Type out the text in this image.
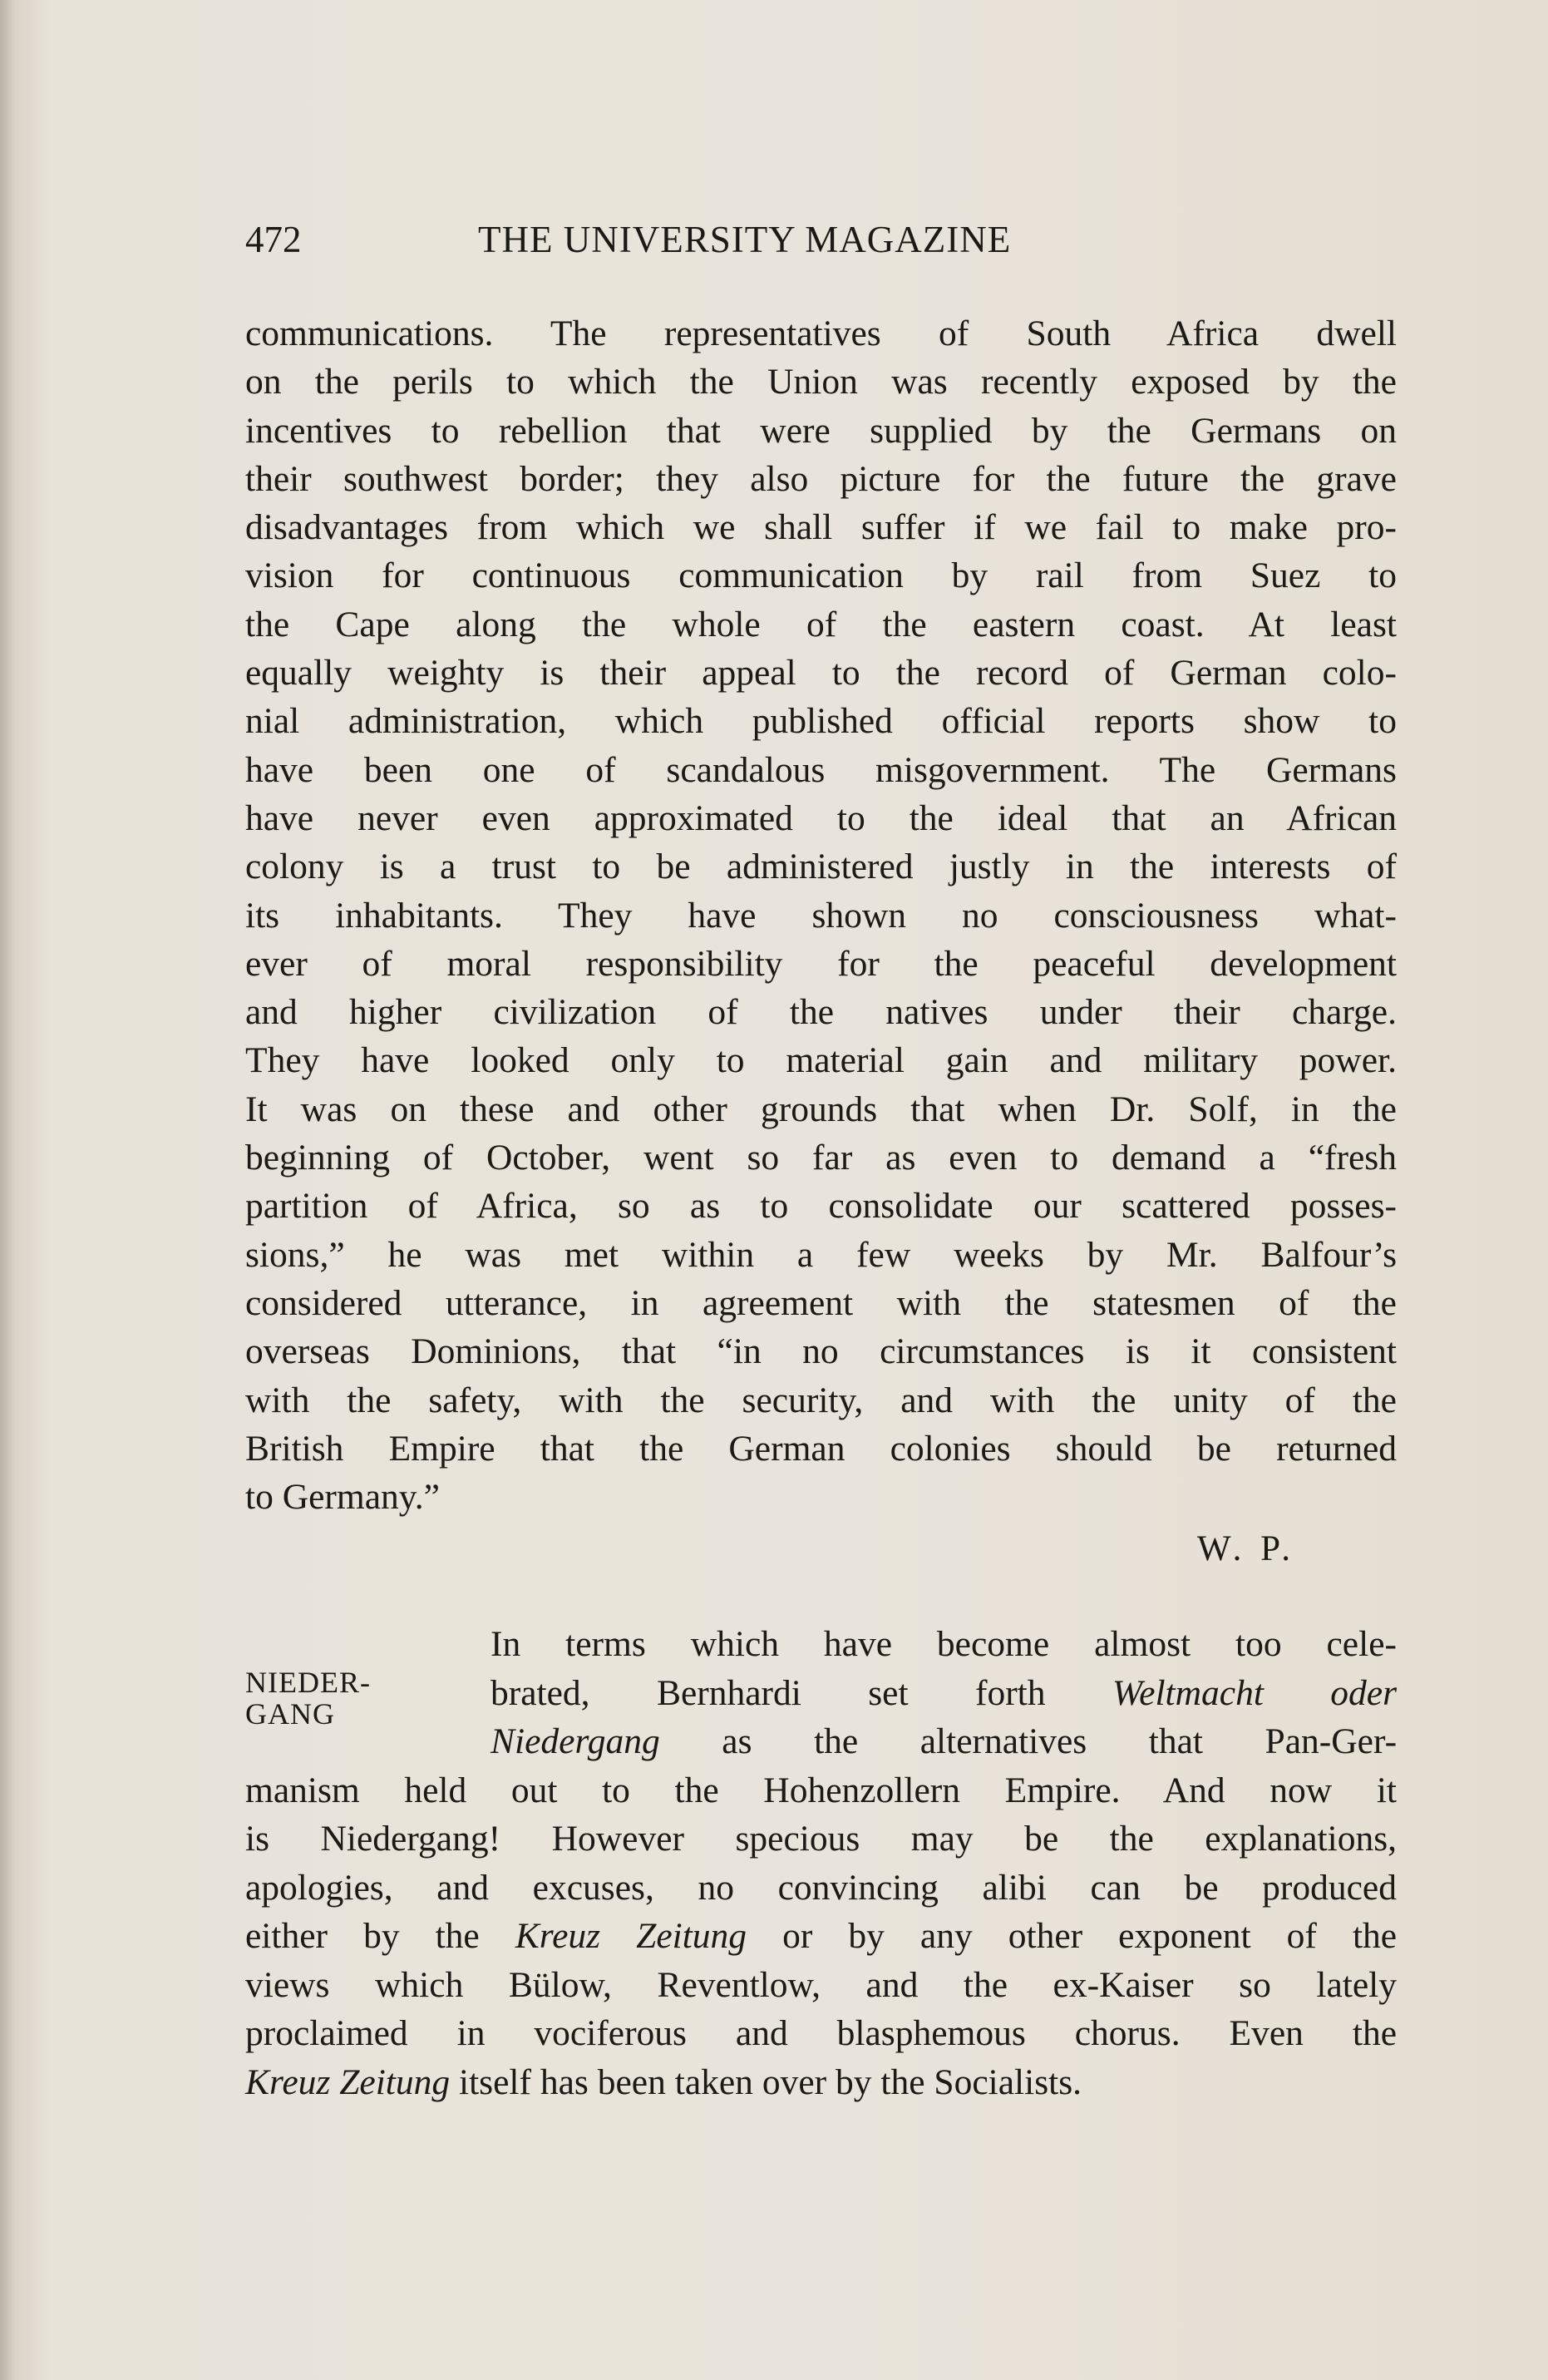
472	THE UNIVERSITY MAGAZINE
communications. The representatives of South Africa dwell
on the perils to which the Union was recently exposed by the
incentives to rebellion that were supplied by the Germans on
their southwest border; they also picture for the future the grave
disadvantages from which we shall suffer if we fail to make pro-
vision for continuous communication by rail from Suez to
the Cape along the whole of the eastern coast. At least
equally weighty is their appeal to the record of German colo-
nial administration, which published official reports show to
have been one of scandalous misgovernment. The Germans
have never even approximated to the ideal that an African
colony is a trust to be administered justly in the interests of
its inhabitants. They have shown no consciousness what-
ever of moral responsibility for the peaceful development
and higher civilization of the natives under their charge.
They have looked only to material gain and military power.
It was on these and other grounds that when Dr. Solf, in the
beginning of October, went so far as even to demand a “fresh
partition of Africa, so as to consolidate our scattered posses-
sions,” he was met within a few weeks by Mr. Balfour’s
considered utterance, in agreement with the statesmen of the
overseas Dominions, that “in no circumstances is it consistent
with the safety, with the security, and with the unity of the
British Empire that the German colonies should be returned
to Germany.”
W. P.
NIEDER-
GANG
In terms which have become almost too cele-
brated, Bernhardi set forth Weltmacht oder
Niedergang as the alternatives that Pan-Ger-
manism held out to the Hohenzollern Empire. And now it
is Niedergang! However specious may be the explanations,
apologies, and excuses, no convincing alibi can be produced
either by the Kreuz Zeitung or by any other exponent of the
views which Bülow, Reventlow, and the ex-Kaiser so lately
proclaimed in vociferous and blasphemous chorus. Even the
Kreuz Zeitung itself has been taken over by the Socialists.
